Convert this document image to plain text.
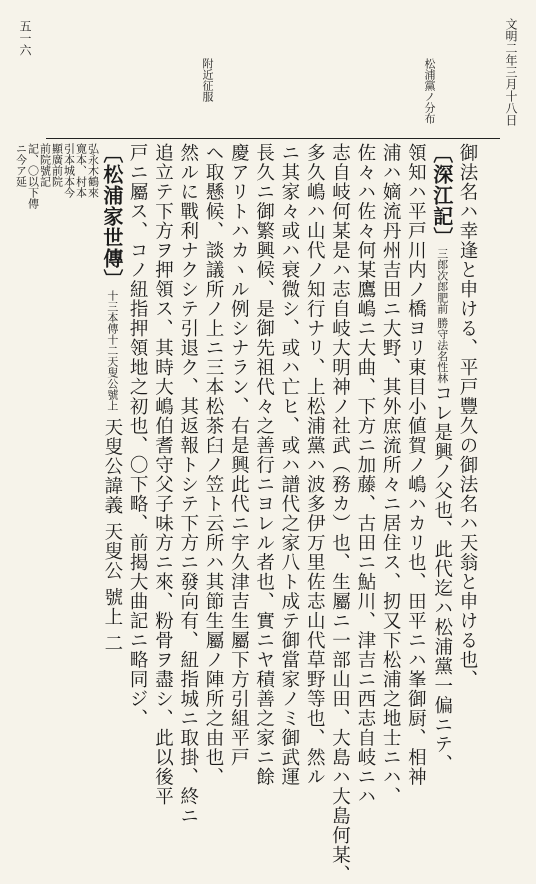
文明二年三月十八日
五一六
附近征服	松浦黨ノ分布
御法名ハ幸逢と申ける、平戸豐久の御法名ハ天翁と申ける也、
〔深江記〕三郎次郎肥前 勝守法名性林コレ是興ノ父也、此代迄ハ松浦黨一偏ニテ、
領知ハ平戸川内ノ橋ヨリ東目小値賀ノ嶋ハカリ也、田平ニハ峯御厨、相神
浦ハ嫡流丹州吉田ニ大野、其外庶流所々ニ居住ス、扨又下松浦之地士ニハ、
佐々ハ佐々何某鷹嶋ニ大曲、下方ニ加藤、古田ニ鮎川、津吉ニ西志自岐ニハ
志自岐何某是ハ志自岐大明神ノ社武（務カ）也、生屬ニ一部山田、大島ハ大島何某、
多久嶋ハ山代ノ知行ナリ、上松浦黨ハ波多伊万里佐志山代草野等也、然ル
ニ其家々或ハ衰微シ、或ハ亡ヒ、或ハ譜代之家八ト成テ御當家ノミ御武運
長久ニ御繁興候、是御先祖代々之善行ニヨレル者也、實ニヤ積善之家ニ餘
慶アリトハカヽル例シナラン、右是興此代ニ宇久津吉生屬下方引組平戸
ヘ取懸候、談議所ノ上ニ三本松茶臼ノ笠ト云所ハ其節生屬ノ陣所之由也、
然ルに戰利ナクシテ引退ク、其返報トシテ下方ニ發向有、紐指城ニ取掛、終ニ
追立テ下方ヲ押領ス、其時大嶋伯耆守父子味方ニ來、粉骨ヲ盡シ、此以後平
戸ニ屬ス、コノ紐指押領地之初也、〇下略、前揭大曲記ニ略同ジ、
〔松浦家世傳〕十三本傳十二天叟公號上 天叟公諱義 天叟公 號上 二
弘永木鶴來
寛本、村本
引本城本今
顯廣前院
前院號記
記、〇以下傳
ニ今ア延
